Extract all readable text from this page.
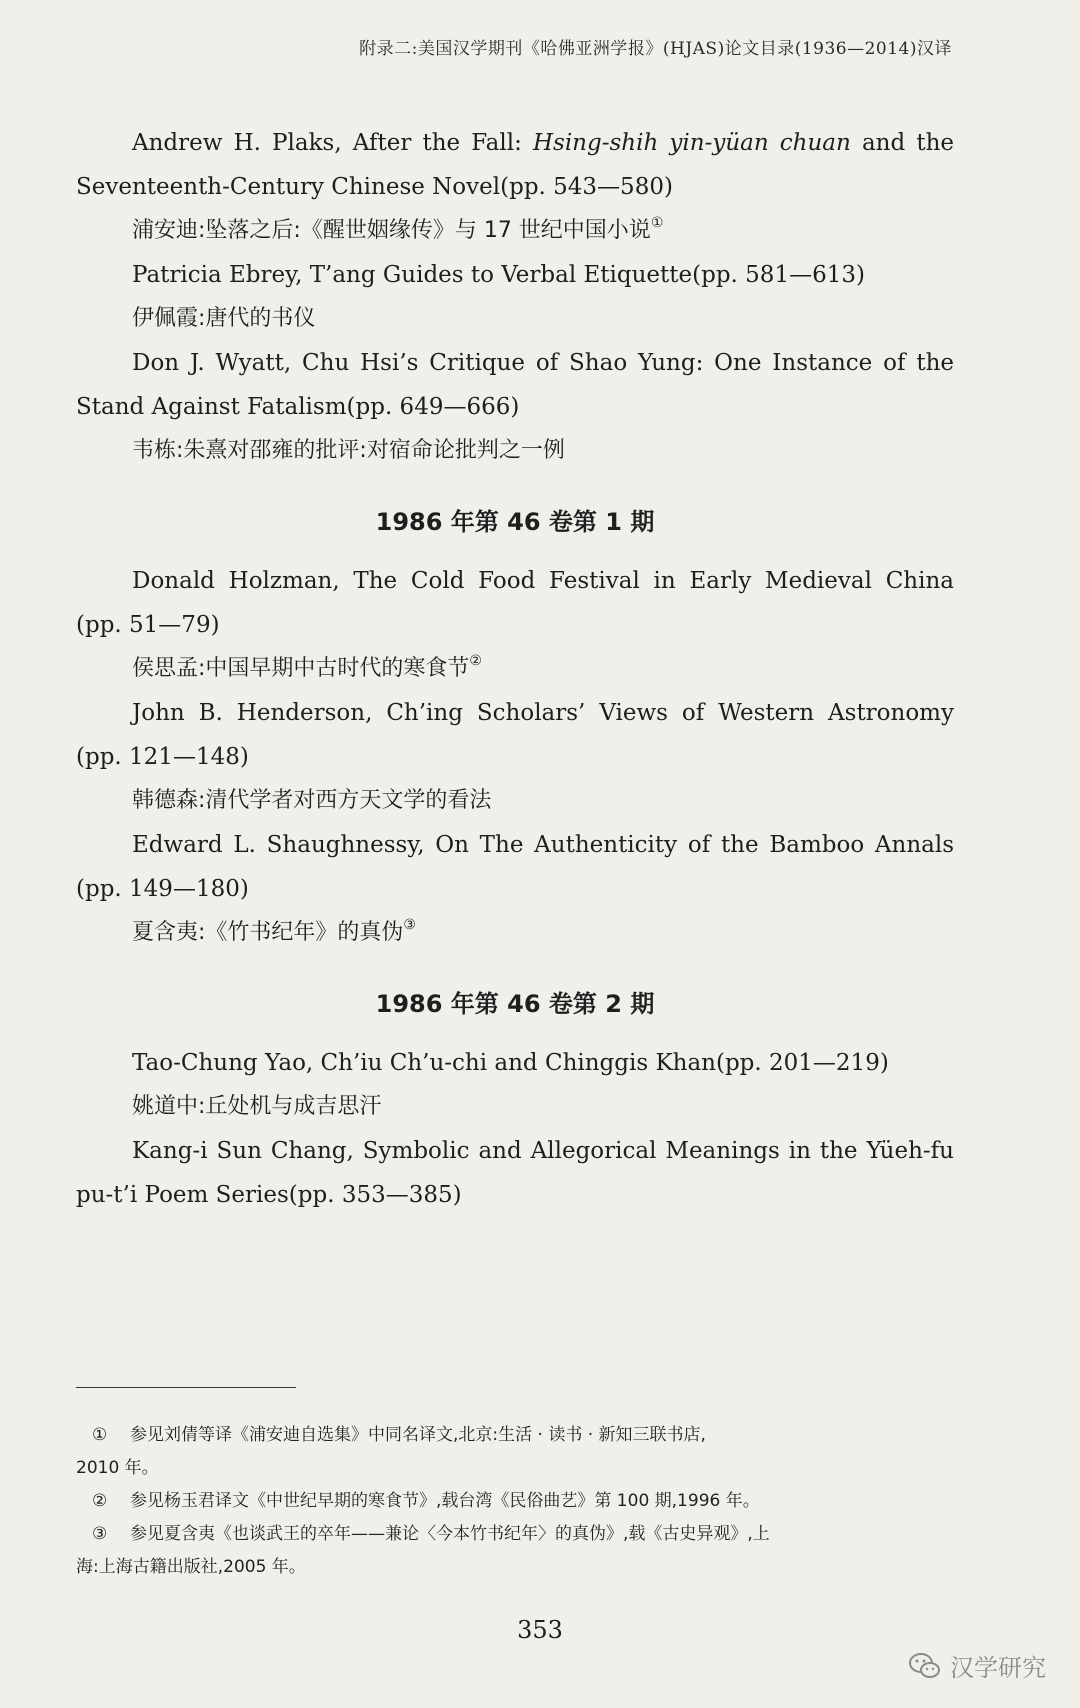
附录二:美国汉学期刊《哈佛亚洲学报》(HJAS)论文目录(1936—2014)汉译
Andrew H. Plaks, After the Fall: Hsing-shih yin-yüan chuan and the
Seventeenth-Century Chinese Novel(pp. 543—580)
浦安迪:坠落之后:《醒世姻缘传》与 17 世纪中国小说①
Patricia Ebrey, T’ang Guides to Verbal Etiquette(pp. 581—613)
伊佩霞:唐代的书仪
Don J. Wyatt, Chu Hsi’s Critique of Shao Yung: One Instance of the
Stand Against Fatalism(pp. 649—666)
韦栋:朱熹对邵雍的批评:对宿命论批判之一例
1986 年第 46 卷第 1 期
Donald Holzman, The Cold Food Festival in Early Medieval China
(pp. 51—79)
侯思孟:中国早期中古时代的寒食节②
John B. Henderson, Ch’ing Scholars’ Views of Western Astronomy
(pp. 121—148)
韩德森:清代学者对西方天文学的看法
Edward L. Shaughnessy, On The Authenticity of the Bamboo Annals
(pp. 149—180)
夏含夷:《竹书纪年》的真伪③
1986 年第 46 卷第 2 期
Tao-Chung Yao, Ch’iu Ch’u-chi and Chinggis Khan(pp. 201—219)
姚道中:丘处机与成吉思汗
Kang-i Sun Chang, Symbolic and Allegorical Meanings in the Yüeh-fu
pu-t’i Poem Series(pp. 353—385)
① 参见刘倩等译《浦安迪自选集》中同名译文,北京:生活 · 读书 · 新知三联书店,
2010 年。
② 参见杨玉君译文《中世纪早期的寒食节》,载台湾《民俗曲艺》第 100 期,1996 年。
③ 参见夏含夷《也谈武王的卒年——兼论〈今本竹书纪年〉的真伪》,载《古史异观》,上
海:上海古籍出版社,2005 年。
353
汉学研究
